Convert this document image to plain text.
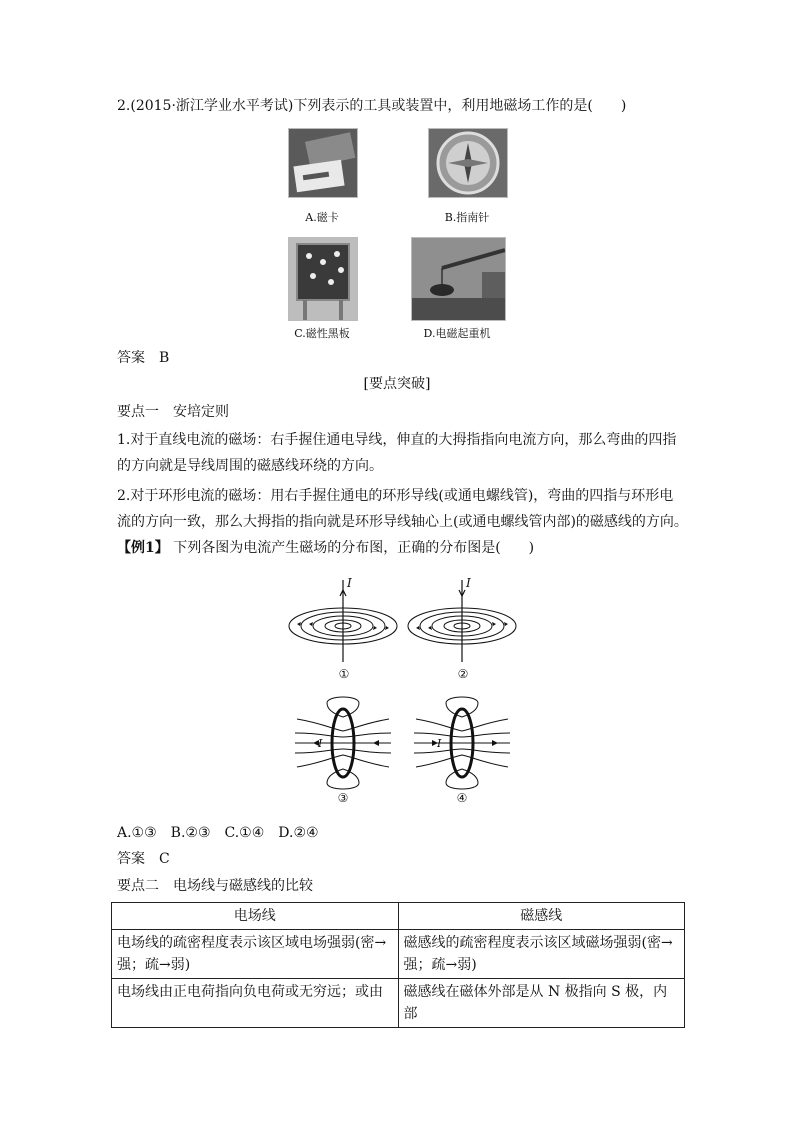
2.(2015·浙江学业水平考试)下列表示的工具或装置中，利用地磁场工作的是(　　)
A.磁卡	B.指南针
C.磁性黑板	D.电磁起重机
答案　B
[要点突破]
要点一　安培定则
1.对于直线电流的磁场：右手握住通电导线，伸直的大拇指指向电流方向，那么弯曲的四指
的方向就是导线周围的磁感线环绕的方向。
2.对于环形电流的磁场：用右手握住通电的环形导线(或通电螺线管)，弯曲的四指与环形电
流的方向一致，那么大拇指的指向就是环形导线轴心上(或通电螺线管内部)的磁感线的方向。
【例1】 下列各图为电流产生磁场的分布图，正确的分布图是(　　)
I
①
I
②
I
③
I
④
A.①③　B.②③　C.①④　D.②④
答案　C
要点二　电场线与磁感线的比较
电场线	磁感线
电场线的疏密程度表示该区域电场强弱(密→强；疏→弱)	磁感线的疏密程度表示该区域磁场强弱(密→强；疏→弱)
电场线由正电荷指向负电荷或无穷远；或由	磁感线在磁体外部是从 N 极指向 S 极，内部
